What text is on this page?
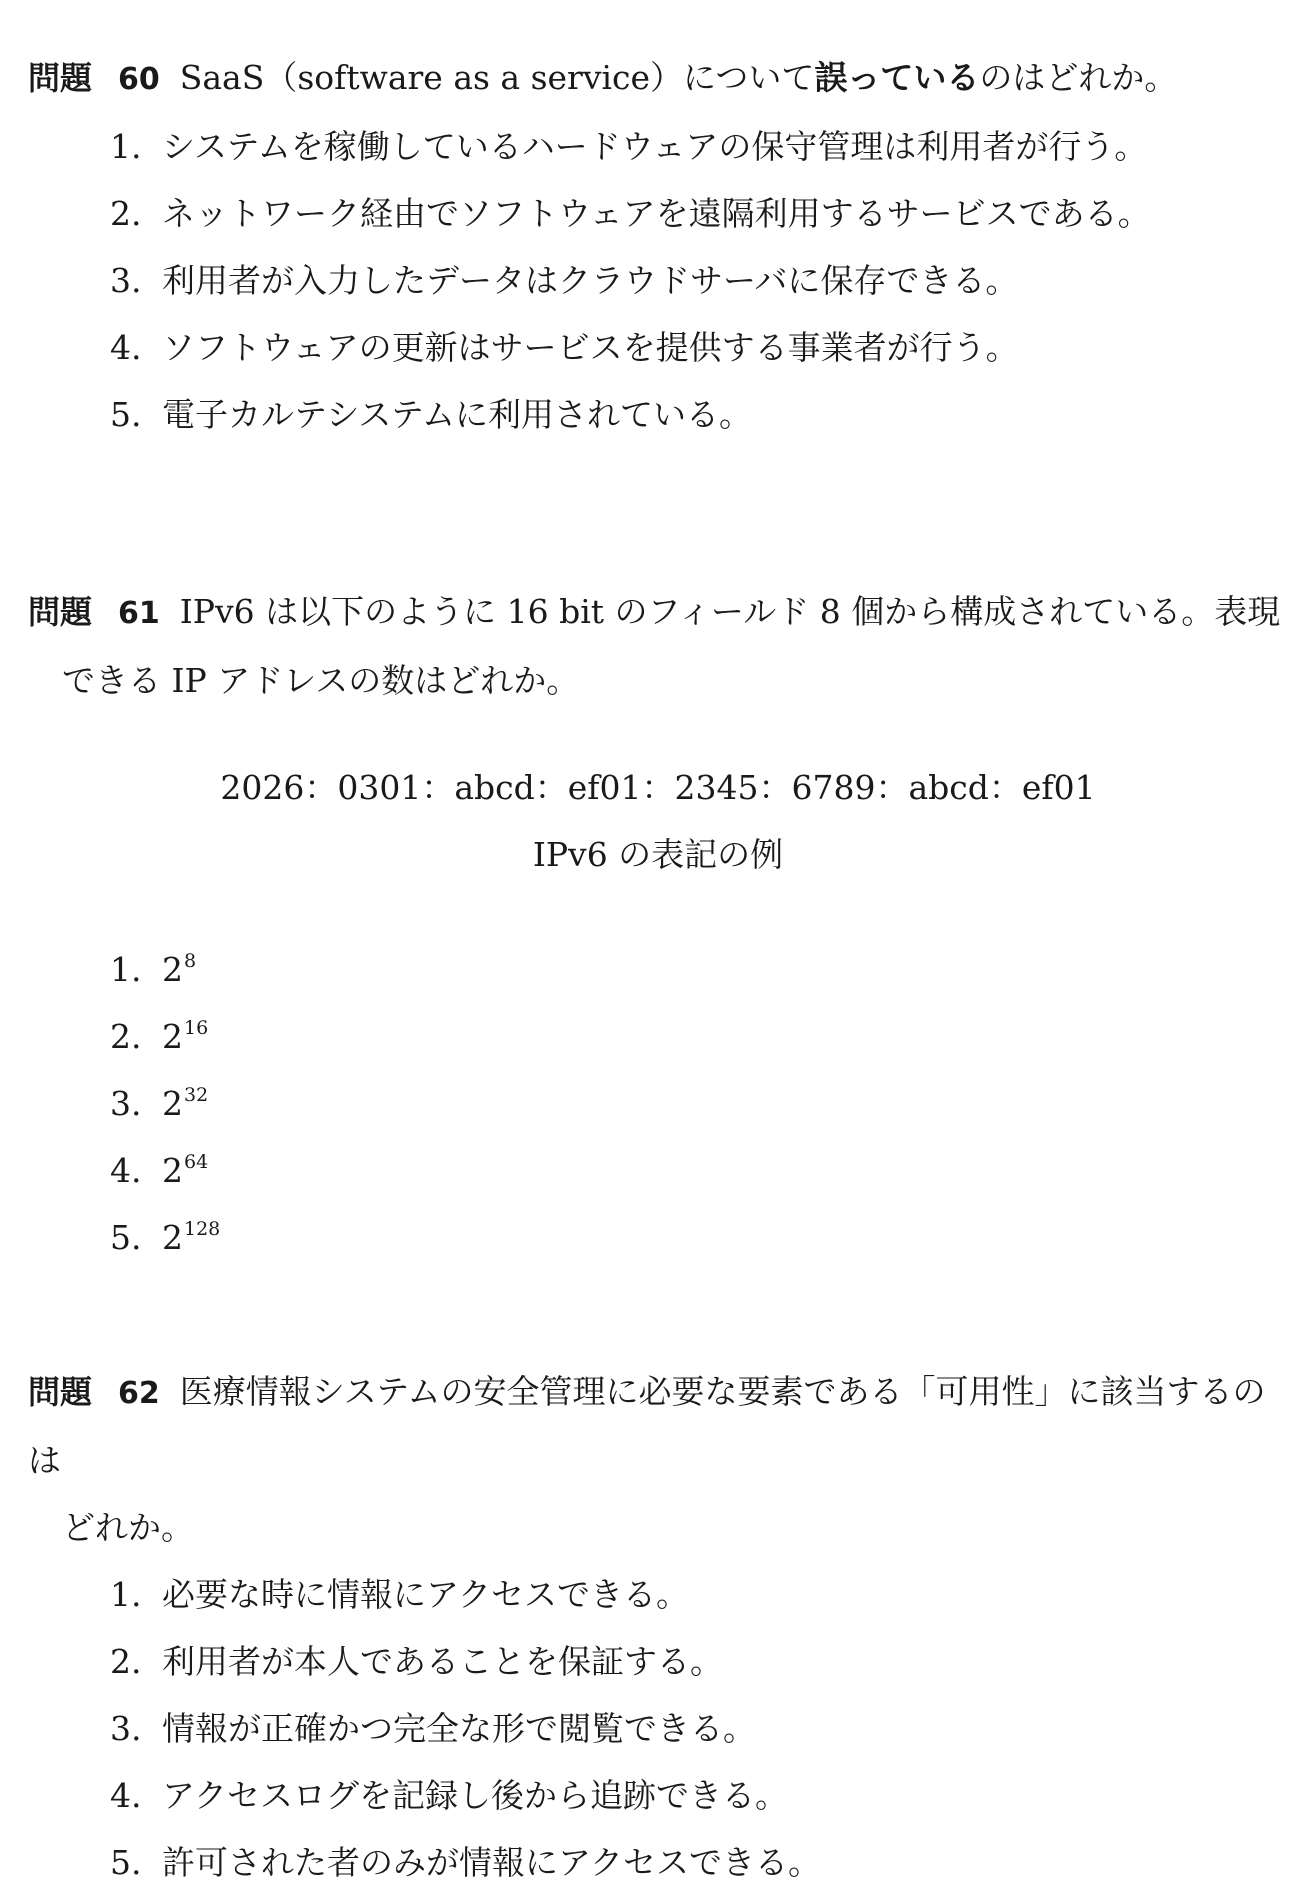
問題 60 SaaS（software as a service）について誤っているのはどれか。

1. システムを稼働しているハードウェアの保守管理は利用者が行う。
2. ネットワーク経由でソフトウェアを遠隔利用するサービスである。
3. 利用者が入力したデータはクラウドサーバに保存できる。
4. ソフトウェアの更新はサービスを提供する事業者が行う。
5. 電子カルテシステムに利用されている。

問題 61 IPv6 は以下のように 16 bit のフィールド 8 個から構成されている。表現
できる IP アドレスの数はどれか。

2026：0301：abcd：ef01：2345：6789：abcd：ef01
IPv6 の表記の例
1. $2^8$
2. $2^{16}$
3. $2^{32}$
4. $2^{64}$
5. $2^{128}$

問題 62 医療情報システムの安全管理に必要な要素である「可用性」に該当するのは
どれか。

1. 必要な時に情報にアクセスできる。
2. 利用者が本人であることを保証する。
3. 情報が正確かつ完全な形で閲覧できる。
4. アクセスログを記録し後から追跡できる。
5. 許可された者のみが情報にアクセスできる。
